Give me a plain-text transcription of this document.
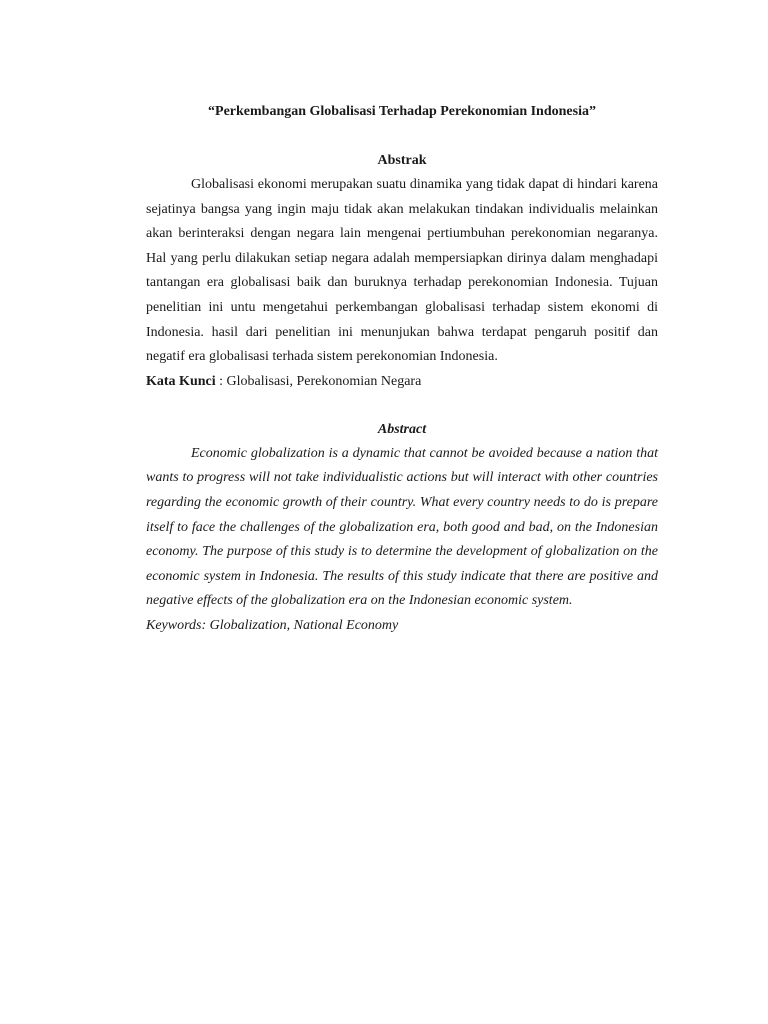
“Perkembangan Globalisasi Terhadap Perekonomian Indonesia”

Abstrak

Globalisasi ekonomi merupakan suatu dinamika yang tidak dapat di hindari karena sejatinya bangsa yang ingin maju tidak akan melakukan tindakan individualis melainkan akan berinteraksi dengan negara lain mengenai pertiumbuhan perekonomian negaranya. Hal yang perlu dilakukan setiap negara adalah mempersiapkan dirinya dalam menghadapi tantangan era globalisasi baik dan buruknya terhadap perekonomian Indonesia. Tujuan penelitian ini untu mengetahui perkembangan globalisasi terhadap sistem ekonomi di Indonesia. hasil dari penelitian ini menunjukan bahwa terdapat pengaruh positif dan negatif era globalisasi terhada sistem perekonomian Indonesia.

Kata Kunci : Globalisasi, Perekonomian Negara

Abstract

Economic globalization is a dynamic that cannot be avoided because a nation that wants to progress will not take individualistic actions but will interact with other countries regarding the economic growth of their country. What every country needs to do is prepare itself to face the challenges of the globalization era, both good and bad, on the Indonesian economy. The purpose of this study is to determine the development of globalization on the economic system in Indonesia. The results of this study indicate that there are positive and negative effects of the globalization era on the Indonesian economic system.

Keywords: Globalization, National Economy
